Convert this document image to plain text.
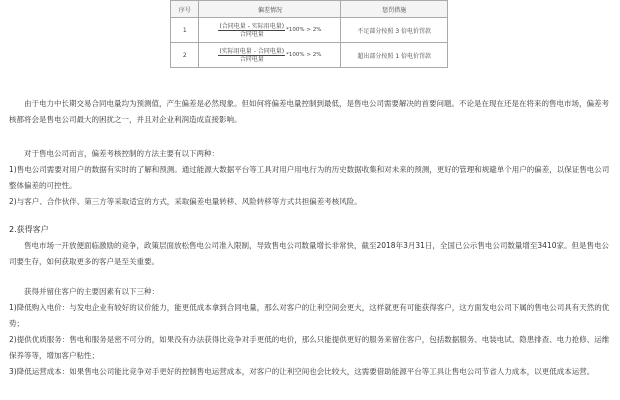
序号	偏差情况	惩罚措施
1	$\frac{\text{(合同电量 - 实际用电量)}}{\text{合同电量}} *100\% > 2\%$	不足部分按照 3 倍电价罚款
2	$\frac{\text{(实际用电量 - 合同电量)}}{\text{合同电量}} *100\% > 2\%$	超出部分按照 1 倍电价罚款

由于电力中长期交易合同电量均为预测值，产生偏差是必然现象。但如何将偏差电量控制到最低，是售电公司需要解决的首要问题。不论是在现在还是在将来的售电市场，偏差考核都将会是售电公司最大的困扰之一，并且对企业利润造成直接影响。

对于售电公司而言，偏差考核控制的方法主要有以下两种：

1)售电公司需要对用户的数据有实时的了解和预测。通过能源大数据平台等工具对用户用电行为的历史数据收集和对未来的预测，更好的管理和规避单个用户的偏差，以保证售电公司整体偏差的可控性。

2)与客户、合作伙伴、第三方等采取适宜的方式，采取偏差电量转移、风险转移等方式共担偏差考核风险。

2.获得客户

售电市场一开放便面临激励的竞争，政策层面放松售电公司准入限制，导致售电公司数量增长非常快，截至2018年3月31日，全国已公示售电公司数量增至3410家。但是售电公司要生存，如何获取更多的客户是至关重要。

获得并留住客户的主要因素有以下三种：

1)降低购入电价：与发电企业有较好的议价能力，能更低成本拿到合同电量，那么对客户的让利空间会更大，这样就更有可能获得客户，这方面发电公司下属的售电公司具有天然的优势；

2)提供优质服务：售电和服务是密不可分的，如果没有办法获得比竞争对手更低的电价，那么只能提供更好的服务来留住客户，包括数据服务、电装电试、隐患排查、电力抢修、运维保养等等，增加客户粘性；

3)降低运营成本：如果售电公司能比竞争对手更好的控制售电运营成本，对客户的让利空间也会比较大，这需要借助能源平台等工具让售电公司节省人力成本，以更低成本运营。
